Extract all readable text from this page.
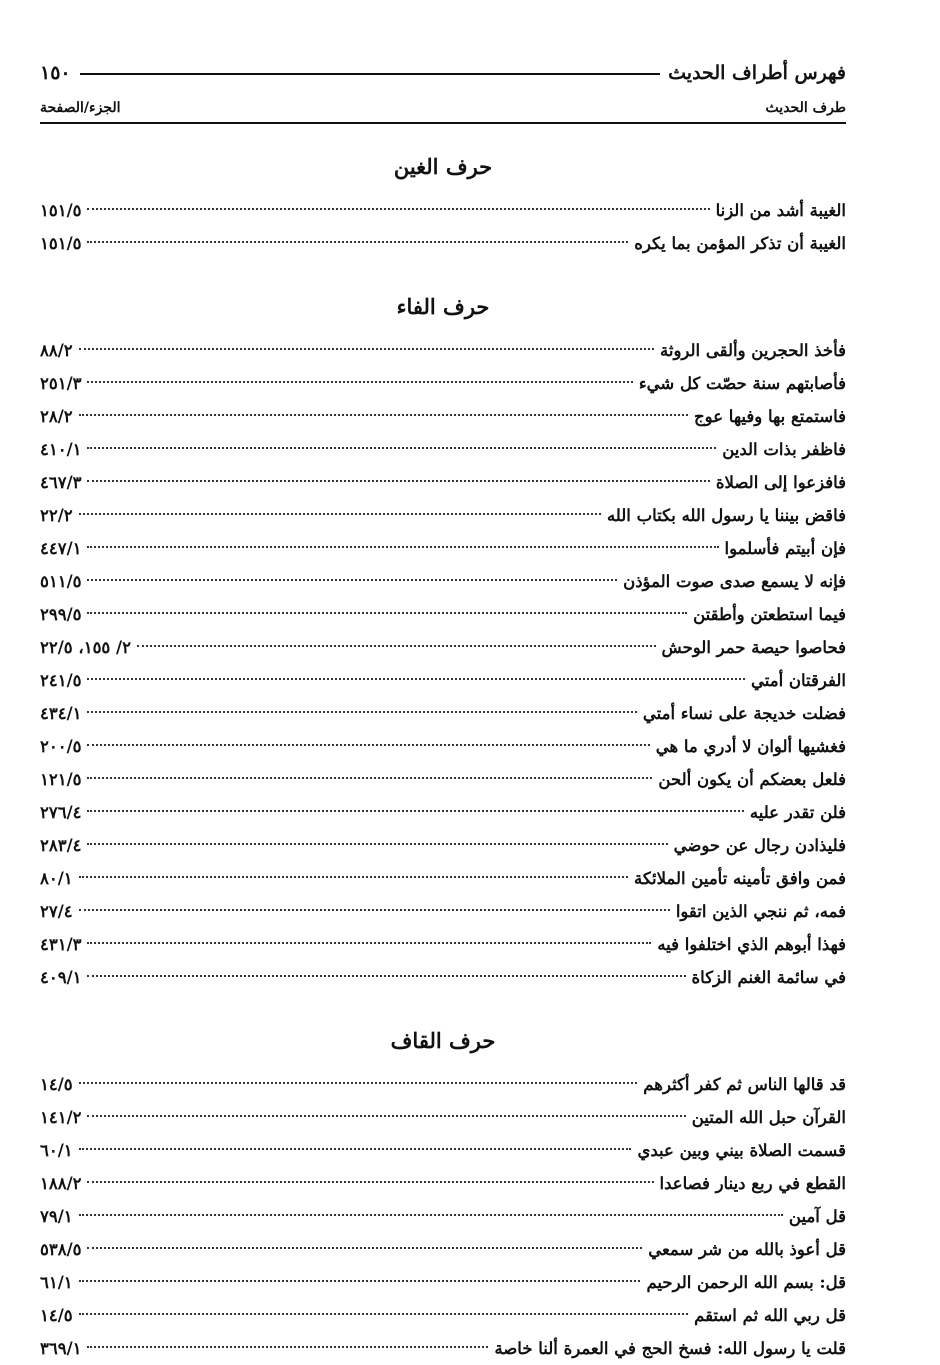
فهرس أطراف الحديث
١٥٠
طرف الحديث
الجزء/الصفحة
حرف الغين
الغيبة أشد من الزنا
١٥١/٥
الغيبة أن تذكر المؤمن بما يكره
١٥١/٥
حرف الفاء
فأخذ الحجرين وألقى الروثة
٨٨/٢
فأصابتهم سنة حصّت كل شيء
٢٥١/٣
فاستمتع بها وفيها عوج
٢٨/٢
فاظفر بذات الدين
٤١٠/١
فافزعوا إلى الصلاة
٤٦٧/٣
فاقض بيننا يا رسول الله بكتاب الله
٢٢/٢
فإن أبيتم فأسلموا
٤٤٧/١
فإنه لا يسمع صدى صوت المؤذن
٥١١/٥
فيما استطعتن وأطقتن
٢٩٩/٥
فحاصوا حيصة حمر الوحش
٢/ ١٥٥، ٢٢/٥
الفرقتان أمتي
٢٤١/٥
فضلت خديجة على نساء أمتي
٤٣٤/١
فغشيها ألوان لا أدري ما هي
٢٠٠/٥
فلعل بعضكم أن يكون ألحن
١٢١/٥
فلن تقدر عليه
٢٧٦/٤
فليذادن رجال عن حوضي
٢٨٣/٤
فمن وافق تأمينه تأمين الملائكة
٨٠/١
فمه، ثم ننجي الذين اتقوا
٢٧/٤
فهذا أبوهم الذي اختلفوا فيه
٤٣١/٣
في سائمة الغنم الزكاة
٤٠٩/١
حرف القاف
قد قالها الناس ثم كفر أكثرهم
١٤/٥
القرآن حبل الله المتين
١٤١/٢
قسمت الصلاة بيني وبين عبدي
٦٠/١
القطع في ربع دينار فصاعدا
١٨٨/٢
قل آمين
٧٩/١
قل أعوذ بالله من شر سمعي
٥٣٨/٥
قل: بسم الله الرحمن الرحيم
٦١/١
قل ربي الله ثم استقم
١٤/٥
قلت يا رسول الله: فسخ الحج في العمرة ألنا خاصة
٣٦٩/١
